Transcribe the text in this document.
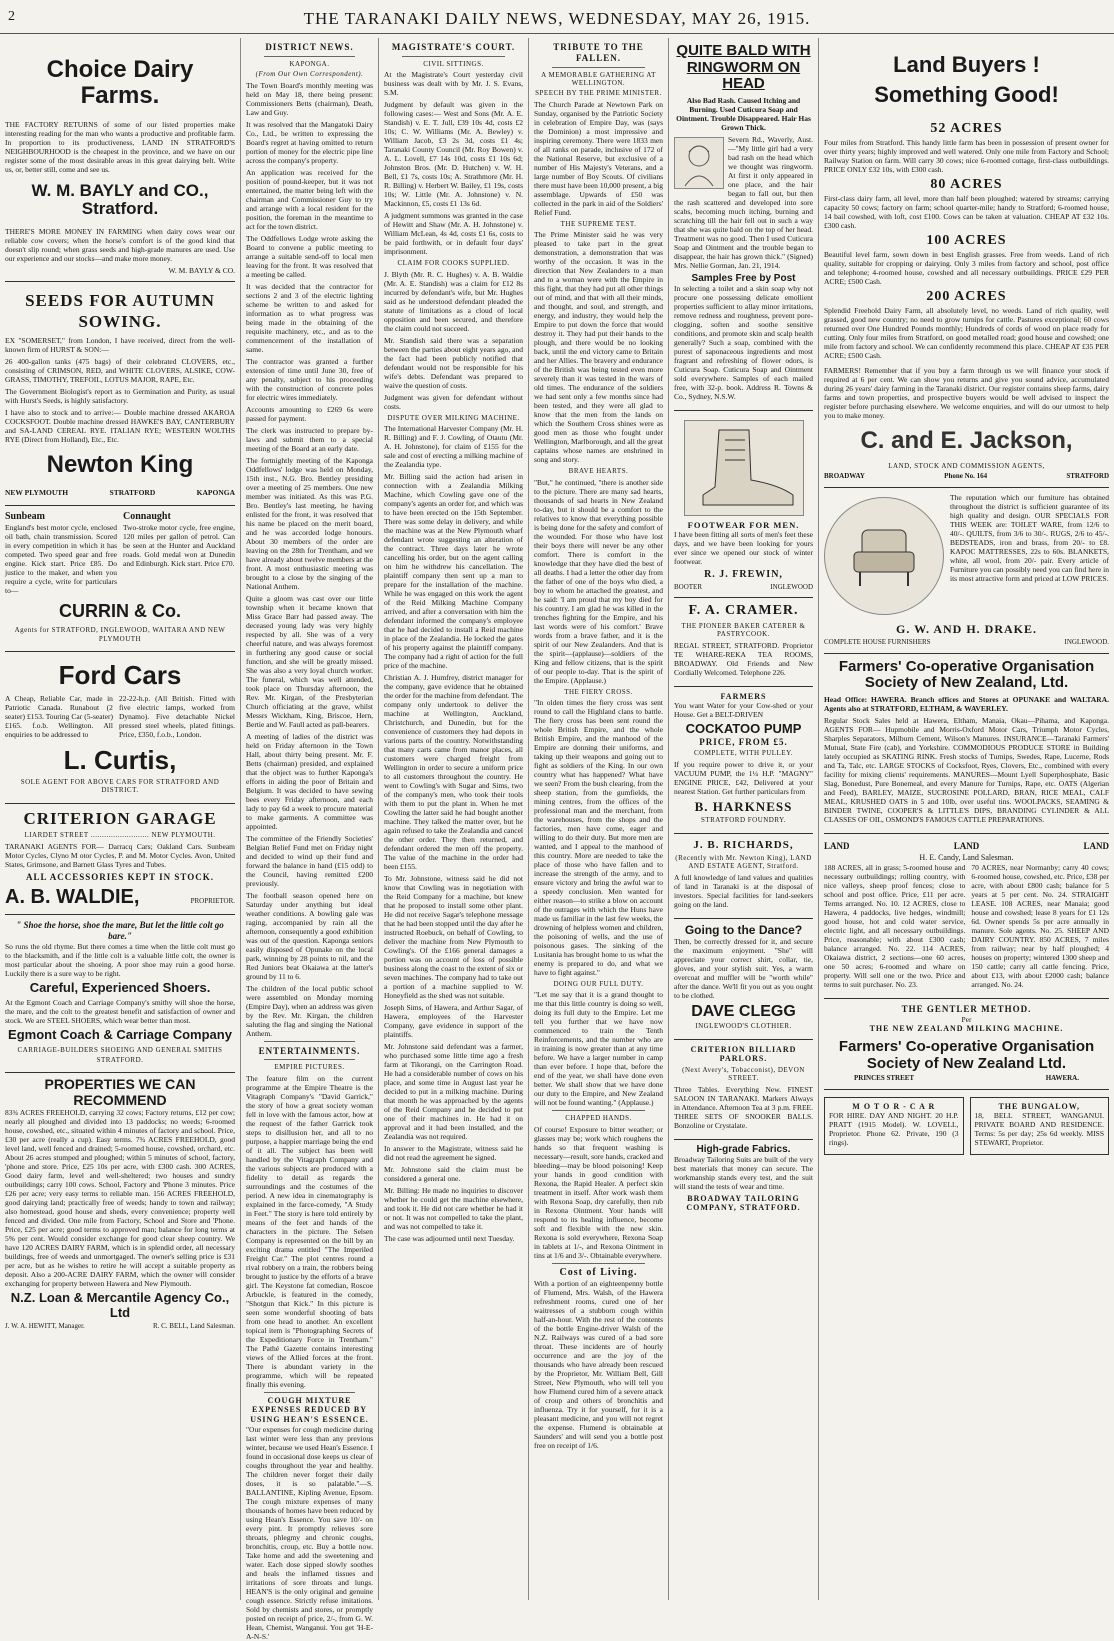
2	THE TARANAKI DAILY NEWS, WEDNESDAY, MAY 26, 1915.
Choice Dairy Farms.

THE FACTORY RETURNS of some of our listed properties make interesting reading for the man who wants a productive and profitable farm. In proportion to its productiveness, LAND IN STRATFORD'S NEIGHBOURHOOD is the cheapest in the province, and we have on our register some of the most desirable areas in this great dairying belt. Write us, or, better still, come and see us.

W. M. BAYLY and CO., Stratford.

THERE'S MORE MONEY IN FARMING when dairy cows wear our reliable cow covers; when the horse's comfort is of the good kind that doesn't slip round; when grass seeds and high-grade manures are used. Use our experience and our stocks—and make more money.

W. M. BAYLY & CO.
SEEDS FOR AUTUMN SOWING.

EX "SOMERSET," from London, I have received, direct from the well-known firm of HURST & SON:—

26 400-gallon tanks (475 bags) of their celebrated CLOVERS, etc., consisting of CRIMSON, RED, and WHITE CLOVERS, ALSIKE, COW-GRASS, TIMOTHY, TREFOIL, LOTUS MAJOR, RAPE, Etc.

The Government Biologist's report as to Germination and Purity, as usual with Hurst's Seeds, is highly satisfactory.

I have also to stock and to arrive:— Double machine dressed AKAROA COCKSFOOT. Double machine dressed HAWKE'S BAY, CANTERBURY and SA-LAND CEREAL RYE. ITALIAN RYE; WESTERN WOLTHS RYE (Direct from Holland), Etc., Etc.

Newton King
NEW PLYMOUTH	STRATFORD	KAPONGA
Sunbeam

England's best motor cycle, enclosed oil bath, chain transmission. Scored in every competition in which it has competed. Two speed gear and free engine. Kick start. Price £85. Do justice to the maker, and when you require a cycle, write for particulars to—

Connaught

Two-stroke motor cycle, free engine, 120 miles per gallon of petrol. Can be seen at the Hunter and Auckland roads. Gold medal won at Dunedin and Edinburgh. Kick start. Price £70.

CURRIN & Co.
Agents for STRATFORD, INGLEWOOD, WAITARA AND NEW PLYMOUTH
Ford Cars

A Cheap, Reliable Car, made in Patriotic Canada. Runabout (2 seater) £153. Touring Car (5-seater) £165. f.o.b. Wellington. All enquiries to be addressed to

22-22-h.p. (All British. Fitted with five electric lamps, worked from Dynamo). Five detachable Nickel pressed steel wheels, plated fittings. Price, £350, f.o.b., London.

L. Curtis,
SOLE AGENT FOR ABOVE CARS FOR STRATFORD AND DISTRICT.
CRITERION GARAGE
LIARDET STREET .......................... NEW PLYMOUTH.

TARANAKI AGENTS FOR— Darracq Cars; Oakland Cars. Sunbeam Motor Cycles, Clyno M otor Cycles, P. and M. Motor Cycles. Avon, United States, Grimsone, and Barnett Glass Tyres and Tubes.

ALL ACCESSORIES KEPT IN STOCK.
A. B. WALDIE,	PROPRIETOR.
" Shoe the horse, shoe the mare, But let the little colt go bare."

So runs the old rhyme. But there comes a time when the little colt must go to the blacksmith, and if the little colt is a valuable little colt, the owner is most particular about the shoeing. A poor shoe may ruin a good horse. Luckily there is a sure way to be right.

Careful, Experienced Shoers.

At the Egmont Coach and Carriage Company's smithy will shoe the horse, the mare, and the colt to the greatest benefit and satisfaction of owner and stock. We are STEEL SHOERS, which wear better than most.

Egmont Coach & Carriage Company
CARRIAGE-BUILDERS SHOEING AND GENERAL SMITHS
STRATFORD.
PROPERTIES WE CAN RECOMMEND

83¾ ACRES FREEHOLD, carrying 32 cows; Factory returns, £12 per cow; nearly all ploughed and divided into 13 paddocks; no weeds; 6-roomed house, cowshed, etc., situated within 4 minutes of factory and school. Price, £30 per acre (really a cup). Easy terms. 7¾ ACRES FREEHOLD, good level land, well fenced and drained; 5-roomed house, cowshed, orchard, etc. About 26 acres stumped and ploughed; within 5 minutes of school, factory, 'phone and store. Price, £25 10s per acre, with £300 cash. 300 ACRES, Good dairy farm, level and well-sheltered; two houses and sundry outbuildings; carry 100 cows. School, Factory and 'Phone 3 minutes. Price £26 per acre; very easy terms to reliable man. 156 ACRES FREEHOLD, good dairying land; practically free of weeds; handy to town and railway; also homestead, good house and sheds, every convenience; property well fenced and divided. One mile from Factory, School and Store and 'Phone. Price, £25 per acre; good terms to approved man; balance for long terms at 5% per cent. Would consider exchange for good clear sheep country. We have 120 ACRES DAIRY FARM, which is in splendid order, all necessary buildings, free of weeds and unmortgaged. The owner's selling price is £31 per acre, but as he wishes to retire he will accept a suitable property as deposit. Also a 200-ACRE DAIRY FARM, which the owner will consider exchanging for property between Hawera and New Plymouth.

N.Z. Loan & Mercantile Agency Co., Ltd
J. W. A. HEWITT, Manager.	R. C. BELL, Land Salesman.
DISTRICT NEWS.
KAPONGA.
(From Our Own Correspondent).

The Town Board's monthly meeting was held on May 18, there being present: Commissioners Betts (chairman), Death, Law and Guy.

It was resolved that the Mangatoki Dairy Co., Ltd., be written to expressing the Board's regret at having omitted to return portion of money for the electric pipe line across the company's property.

An application was received for the position of pound-keeper, but it was not entertained, the matter being left with the chairman and Commissioner Guy to try and arrange with a local resident for the position, the foreman in the meantime to act for the town district.

The Oddfellows Lodge wrote asking the Board to convene a public meeting to arrange a suitable send-off to local men leaving for the front. It was resolved that a meeting be called.

It was decided that the contractor for sections 2 and 3 of the electric lighting scheme be written to and asked for information as to what progress was being made in the obtaining of the requisite machinery, etc., and as to the commencement of the installation of same.

The contractor was granted a further extension of time until June 30, free of any penalty, subject to his proceeding with the construction of concrete poles for electric wires immediately.

Accounts amounting to £269 6s were passed for payment.

The clerk was instructed to prepare by-laws and submit them to a special meeting of the Board at an early date.

The fortnightly meeting of the Kaponga Oddfellows' lodge was held on Monday, 15th inst., N.G. Bro. Bentley presiding over a meeting of 25 members. One new member was initiated. As this was P.G. Bro. Bentley's last meeting, he having enlisted for the front, it was resolved that his name be placed on the merit board, and he was accorded lodge honours. About 30 members of the order are leaving on the 28th for Trentham, and we have already about twelve members at the front. A most enthusiastic meeting was brought to a close by the singing of the National Anthem.

Quite a gloom was cast over our little township when it became known that Miss Grace Barr had passed away. The deceased young lady was very highly respected by all. She was of a very cheerful nature, and was always foremost in furthering any good cause or social function, and she will be greatly missed. She was also a very loyal church worker. The funeral, which was well attended, took place on Thursday afternoon, the Rev. Mr. Kirgan, of the Presbyterian Church officiating at the grave, whilst Messrs Wickham, King, Briscoe, Hern, Bertie and W. Faull acted as pall-bearers.

A meeting of ladies of the district was held on Friday afternoon in the Town Hall, about thirty being present. Mr. F. Betts (chairman) presided, and explained that the object was to further Kaponga's efforts in aiding the poor of Britain and Belgium. It was decided to have sewing bees every Friday afternoon, and each lady to pay 6d a week to procure material to make garments. A committee was appointed.

The committee of the Friendly Societies' Belgian Relief Fund met on Friday night and decided to wind up their fund and forward the balance in hand (£15 odd) to the Council, having remitted £200 previously.

The football season opened here on Saturday under anything but ideal weather conditions. A bowling gale was raging, accompanied by rain all the afternoon, consequently a good exhibition was out of the question. Kaponga seniors easily disposed of Opunake on the local park, winning by 28 points to nil, and the Red Juniors beat Okaiawa at the latter's ground by 11 to 6.

The children of the local public school were assembled on Monday morning (Empire Day), when an address was given by the Rev. Mr. Kirgan, the children saluting the flag and singing the National Anthem.

ENTERTAINMENTS.
EMPIRE PICTURES.

The feature film on the current programme at the Empire Theatre is the Vitagraph Company's "David Garrick," the story of how a great society woman fell in love with the famous actor, how at the request of the father Garrick took steps to disillusion her, and all to no purpose, a happier marriage being the end of it all. The subject has been well handled by the Vitagraph Company and the various subjects are produced with a fidelity to detail as regards the surroundings and the costumes of the period. A new idea in cinematography is explained in the farce-comedy, "A Study in Feet." The story is here told entirely by means of the feet and hands of the characters in the picture. The Selsen Company is represented on the bill by an exciting drama entitled "The Imperiled Freight Car." The plot centres round a rival robbery on a train, the robbers being brought to justice by the efforts of a brave girl. The Keystone fat comedian, Roscoe Arbuckle, is featured in the comedy, "Shotgun that Kick." In this picture is seen some wonderful shooting of bats from one head to another. An excellent topical item is "Photographing Secrets of the Expeditionary Force in Trentham." The Pathé Gazette contains interesting views of the Allied forces at the front. There is abundant variety in the programme, which will be repeated finally this evening.

COUGH MIXTURE EXPENSES REDUCED BY USING HEAN'S ESSENCE.

"Our expenses for cough medicine during last winter were less than any previous winter, because we used Hean's Essence. I found in occasional dose keeps us clear of coughs throughout the year and healthy. The children never forget their daily doses, it is so palatable."—S. BALLANTINE, Kipling Avenue, Epsom. The cough mixture expenses of many thousands of homes have been reduced by using Hean's Essence. You save 10/- on every pint. It promptly relieves sore throats, phlegmy and chronic coughs, bronchitis, croup, etc. Buy a bottle now. Take home and add the sweetening and water. Each dose sipped slowly soothes and heals the inflamed tissues and irritations of sore throats and lungs. HEAN'S is the only original and genuine cough essence. Strictly refuse imitations. Sold by chemists and stores, or promptly posted on receipt of price, 2/-, from G. W. Hean, Chemist, Wanganui. You get 'H-E-A-N-S.'

MAGISTRATE'S COURT.
CIVIL SITTINGS.

At the Magistrate's Court yesterday civil business was dealt with by Mr. J. S. Evans, S.M.

Judgment by default was given in the following cases:— West and Sons (Mr. A. E. Standish) v. E. T. Jull, £39 10s 4d, costs £2 10s; C. W. Williams (Mr. A. Bewley) v. William Jacob, £3 2s 3d, costs £1 4s; Taranaki County Council (Mr. Roy Bowen) v. A. L. Lovell, £7 14s 10d, costs £1 10s 6d; Johnston Bros. (Mr. D. Hutchen) v. W. H. Bell, £1 7s, costs 10s; A. Strathmore (Mr. H. R. Billing) v. Herbert W. Bailey, £1 19s, costs 10s; W. Little (Mr. A. Johnstone) v. N. Mackinnon, £5, costs £1 13s 6d.

A judgment summons was granted in the case of Hewitt and Shaw (Mr. A. H. Johnstone) v. William McLean, 4s 4d, costs £1 6s, costs to be paid forthwith, or in default four days' imprisonment.

CLAIM FOR COOKS SUPPLIED.

J. Blyth (Mr. R. C. Hughes) v. A. B. Waldie (Mr. A. E. Standish) was a claim for £12 8s incurred by defendant's wife, but Mr. Hughes said as he understood defendant pleaded the statute of limitations as a cloud of local opposition and been secured, and therefore the claim could not succeed.

Mr. Standish said there was a separation between the parties about eight years ago, and the fact had been publicly notified that defendant would not be responsible for his wife's debts. Defendant was prepared to waive the question of costs.

Judgment was given for defendant without costs.

DISPUTE OVER MILKING MACHINE.

The International Harvester Company (Mr. H. R. Billing) and F. J. Cowling, of Otautu (Mr. A. H. Johnstone), for claim of £155 for the sale and cost of erecting a milking machine of the Zealandia type.

Mr. Billing said the action had arisen in connection with a Zealandia Milking Machine, which Cowling gave one of the company's agents an order for, and which was to have been erected on the 15th September. There was some delay in delivery, and while the machine was at the New Plymouth wharf defendant wrote suggesting an alteration of the contract. Three days later he wrote cancelling his order, but on the agent calling on him he withdrew his cancellation. The plaintiff company then sent up a man to prepare for the installation of the machine. While he was engaged on this work the agent of the Reid Milking Machine Company arrived, and after a conversation with him the defendant informed the company's employee that he had decided to install a Reid machine in place of the Zealandia. He locked the gates of his property against the plaintiff company. The company had a right of action for the full price of the machine.

Christian A. J. Humfrey, district manager for the company, gave evidence that he obtained the order for the machine from defendant. The company only undertook to deliver the machine at Wellington, Auckland, Christchurch, and Dunedin, but for the convenience of customers they had depots in various parts of the country. Notwithstanding that many carts came from manor places, all customers were charged freight from Wellington in order to secure a uniform price to all customers throughout the country. He went to Cowling's with Sugar and Sims, two of the company's men, who took their tools with them to put the plant in. When he met Cowling the latter said he had bought another machine. They talked the matter over, but he again refused to take the Zealandia and cancel the other order. They then returned, and defendant ordered the men off the property. The value of the machine in the order had been £155.

To Mr. Johnstone, witness said he did not know that Cowling was in negotiation with the Reid Company for a machine, but knew that he proposed to install some other plant. He did not receive Sagar's telephone message that he had been stopped until the day after he instructed Roebuck, on behalf of Cowling, to deliver the machine from New Plymouth to Cowling's. Of the £166 general damages a portion was on account of loss of possible business along the coast to the extent of six or seven machines. The company had to take out a portion of a machine supplied to W. Honeyfield as the shed was not suitable.

Joseph Sims, of Hawera, and Arthur Sagar, of Hawera, employees of the Harvester Company, gave evidence in support of the plaintiffs.

Mr. Johnstone said defendant was a farmer, who purchased some little time ago a fresh farm at Tikorangi, on the Carrington Road. He had a considerable number of cows on his place, and some time in August last year he decided to put in a milking machine. During that month he was approached by the agents of the Reid Company and he decided to put one of their machines in. He had it on approval and it had been installed, and the Zealandia was not required.

In answer to the Magistrate, witness said he did not read the agreement he signed.

Mr. Johnstone said the claim must be considered a general one.

Mr. Billing: He made no inquiries to discover whether he could get the machine elsewhere, and took it. He did not care whether he had it or not. It was not compelled to take the plant, and was not compelled to take it.

The case was adjourned until next Tuesday.

TRIBUTE TO THE FALLEN.
A MEMORABLE GATHERING AT WELLINGTON.
SPEECH BY THE PRIME MINISTER.

The Church Parade at Newtown Park on Sunday, organised by the Patriotic Society in celebration of Empire Day, was (says the Dominion) a most impressive and inspiring ceremony. There were 1833 men of all ranks on parade, inclusive of 172 of the National Reserve, but exclusive of a number of His Majesty's Veterans, and a large number of Boy Scouts. Of civilians there must have been 10,000 present, a big assemblage. Upwards of £50 was collected in the park in aid of the Soldiers' Relief Fund.

THE SUPREME TEST.

The Prime Minister said he was very pleased to take part in the great demonstration, a demonstration that was worthy of the occasion. It was in the direction that New Zealanders to a man and to a woman were with the Empire in this fight, that they had put all other things out of mind, and that with all their minds, and thought, and soul, and strength, and energy, and industry, they would help the Empire to put down the force that would destroy it. They had put their hands to the plough, and there would be no looking back, until the end victory came to Britain and her Allies. The bravery and endurance of the British was being tested even more severely than it was tested in the wars of old times. The endurance of the soldiers we had sent only a few months since had been tested, and they were all glad to know that the men from the lands on which the Southern Cross shines were as good men as those who fought under Wellington, Marlborough, and all the great captains whose names are enshrined in song and story.

BRAVE HEARTS.

"But," he continued, "there is another side to the picture. There are many sad hearts, thousands of sad hearts in New Zealand to-day, but it should be a comfort to the relatives to know that everything possible is being done for the safety and comfort of the wounded. For those who have lost their boys there will never be any other comfort. There is comfort in the knowledge that they have died the best of all deaths. I had a letter the other day from the father of one of the boys who died, a boy to whom he attached the greatest, and he said: 'I am proud that my boy died for his country. I am glad he was killed in the trenches fighting for the Empire, and his last words were of his comfort.' Brave words from a brave father, and it is the spirit of our New Zealanders. And that is the spirit—(applause)—soldiers of the King and fellow citizens, that is the spirit of our people to-day. That is the spirit of the Empire. (Applause.)

THE FIERY CROSS.

"In olden times the fiery cross was sent round to call the Highland clans to battle. The fiery cross has been sent round the whole British Empire, and the whole British Empire, and the manhood of the Empire are donning their uniforms, and taking up their weapons and going out to fight as soldiers of the King. In our own country what has happened? What have we seen? From the bush clearing, from the sheep station, from the gumfields, the mining centres, from the offices of the professional man and the merchant, from the warehouses, from the shops and the factories, men have come, eager and willing to do their duty. But more men are wanted, and I appeal to the manhood of this country. More are needed to take the place of those who have fallen and to increase the strength of the army, and to ensure victory and bring the awful war to a speedy conclusion. Men wanted for either reason—to strike a blow on account of the outrages with which the Huns have made us familiar in the last few weeks, the drowning of helpless women and children, the poisoning of wells, and the use of poisonous gases. The sinking of the Lusitania has brought home to us what the enemy is prepared to do, and what we have to fight against."

DOING OUR FULL DUTY.

"Let me say that it is a grand thought to me that this little country is doing so well, doing its full duty to the Empire. Let me tell you further that we have now commenced to train the Tenth Reinforcements, and the number who are in training is now greater than at any time before. We have a larger number in camp than ever before. I hope that, before the end of the year, we shall have done even better. We shall show that we have done our duty to the Empire, and New Zealand will not be found wanting." (Applause.)

CHAPPED HANDS.

Of course! Exposure to bitter weather; or glasses may be; work which roughens the hands so that frequent washing is necessary—result, sore hands, cracked and bleeding—may be blood poisoning! Keep your hands in good condition with Rexona, the Rapid Healer. A perfect skin treatment in itself. After work wash them with Rexona Soap, dry carefully, then rub in Rexona Ointment. Your hands will respond to its healing influence, become soft and flexible with the new skin. Rexona is sold everywhere, Rexona Soap in tablets at 1/-, and Rexona Ointment in tins at 1/6 and 3/-. Obtainable everywhere.

Cost of Living.

With a portion of an eighteenpenny bottle of Flumend, Mrs. Walsh, of the Hawera refreshment rooms, cured one of her waitresses of a stubborn cough within half-an-hour. With the rest of the contents of the bottle Engine-driver Walsh of the N.Z. Railways was cured of a bad sore throat. These incidents are of hourly occurrence and are the joy of the thousands who have already been rescued by the Proprietor, Mr. William Bell, Gill Street, New Plymouth, who will tell you how Flumend cured him of a severe attack of croup and others of bronchitis and influenza. Try it for yourself, for it is a pleasant medicine, and you will not regret the expense. Flumend is obtainable at Saunders' and will send you a bottle post free on receipt of 1/6.

QUITE BALD WITH RINGWORM ON HEAD
Also Bad Rash. Caused Itching and Burning. Used Cuticura Soap and Ointment. Trouble Disappeared. Hair Has Grown Thick.

Severn Rd., Waverly, Aust.—"My little girl had a very bad rash on the head which we thought was ringworm. At first it only appeared in one place, and the hair began to fall out, but then the rash scattered and developed into sore scabs, becoming much itching, burning and scratching till the hair fell out in such a way that she was quite bald on the top of her head. Treatment was no good. Then I used Cuticura Soap and Ointment and the trouble began to disappear, the hair has grown thick." (Signed) Mrs. Nellie Gorman, Jan. 21, 1914.

Samples Free by Post

In selecting a toilet and a skin soap why not procure one possessing delicate emollient properties sufficient to allay minor irritations, remove redness and roughness, prevent pore-clogging, soften and soothe sensitive conditions, and promote skin and scalp health generally? Such a soap, combined with the purest of saponaceous ingredients and most fragrant and refreshing of flower odors, is Cuticura Soap. Cuticura Soap and Ointment sold everywhere. Samples of each mailed free, with 32-p. book. Address R. Towns & Co., Sydney, N.S.W.

FOOTWEAR FOR MEN.

I have been fitting all sorts of men's feet these days, and we have been looking for yours ever since we opened our stock of winter footwear.

R. J. FREWIN,
BOOTER	INGLEWOOD
F. A. CRAMER.
THE PIONEER BAKER CATERER & PASTRYCOOK.

REGAL STREET, STRATFORD. Proprietor TE WHARE-REKA TEA ROOMS, BROADWAY. Old Friends and New Cordially Welcomed. Telephone 226.

FARMERS

You want Water for your Cow-shed or your House. Get a BELT-DRIVEN

COCKATOO PUMP
PRICE, FROM £5.
COMPLETE, WITH PULLEY.

If you require power to drive it, or your VACUUM PUMP, the 1¼ H.P. "MAGNY" ENGINE PRICE, £42, Delivered at your nearest Station. Get further particulars from

B. HARKNESS
STRATFORD FOUNDRY.
J. B. RICHARDS,
(Recently with Mr. Newton King), LAND AND ESTATE AGENT, Stratford.

A full knowledge of land values and qualities of land in Taranaki is at the disposal of investors. Special facilities for land-seekers going on the land.

Going to the Dance?

Then, be correctly dressed for it, and secure the maximum enjoyment. "She" will appreciate your correct shirt, collar, tie, gloves, and your stylish suit. Yes, a warm overcoat and muffler will be "worth while" after the dance. We'll fit you out as you ought to be clothed.

DAVE CLEGG
INGLEWOOD'S CLOTHIER.
CRITERION BILLIARD PARLORS.
(Next Avery's, Tobacconist), DEVON STREET.

Three Tables. Everything New. FINEST SALOON IN TARANAKI. Markers Always in Attendance. Afternoon Tea at 3 p.m. FREE. THREE SETS OF SNOOKER BALLS. Bonzoline or Crystalate.

High-grade Fabrics.

Broadway Tailoring Suits are built of the very best materials that money can secure. The workmanship stands every test, and the suit will stand the tests of wear and time.

BROADWAY TAILORING COMPANY, STRATFORD.
Land Buyers !
Something Good!
52 ACRES

Four miles from Stratford. This handy little farm has been in possession of present owner for over thirty years; highly improved and well watered. Only one mile from Factory and School; Railway Station on farm. Will carry 30 cows; nice 6-roomed cottage, first-class outbuildings. PRICE ONLY £32 10s, with £300 cash.

80 ACRES

First-class dairy farm, all level, more than half been ploughed; watered by streams; carrying capacity 50 cows; factory on farm; school quarter-mile; handy to Stratford; 6-roomed house, 14 bail cowshed, with loft, cost £100. Cows can be taken at valuation. CHEAP AT £32 10s. £300 cash.

100 ACRES

Beautiful level farm, sown down in best English grasses. Free from weeds. Land of rich quality, suitable for cropping or dairying. Only 3 miles from factory and school, post office and telephone; 4-roomed house, cowshed and all necessary outbuildings. PRICE £29 PER ACRE; £500 Cash.

200 ACRES

Splendid Freehold Dairy Farm, all absolutely level, no weeds. Land of rich quality, well grassed, good new country; no need to grow turnips for cattle. Pastures exceptional; 60 cows returned over One Hundred Pounds monthly; Hundreds of cords of wood on place ready for cutting. Only four miles from Stratford, on good metalled road; good house and cowshed; one mile from factory and school. We can confidently recommend this place. CHEAP AT £35 PER ACRE; £500 Cash.

FARMERS! Remember that if you buy a farm through us we will finance your stock if required at 6 per cent. We can show you returns and give you sound advice, accumulated during 26 years' dairy farming in the Taranaki district. Our register contains sheep farms, dairy farms and town properties, and prospective buyers would be well advised to inspect the register before purchasing elsewhere. We welcome enquiries, and will do our utmost to help you to make money.

C. and E. Jackson,
LAND, STOCK AND COMMISSION AGENTS,
BROADWAY	Phone No. 164	STRATFORD

The reputation which our furniture has obtained throughout the district is sufficient guarantee of its high quality and design. OUR SPECIALS FOR THIS WEEK are: TOILET WARE, from 12/6 to 40/-. QUILTS, from 3/6 to 30/-. RUGS, 2/6 to 45/-. BEDSTEADS, iron and brass, from 20/- to £8. KAPOC MATTRESSES, 22s to 60s. BLANKETS, white, all wool, from 20/- pair. Every article of Furniture you can possibly need you can find here in its most attractive form and priced at LOW PRICES.

G. W. AND H. DRAKE.
COMPLETE HOUSE FURNISHERS	INGLEWOOD.
Farmers' Co-operative Organisation
Society of New Zealand, Ltd.

Head Office: HAWERA. Branch offices and Stores at OPUNAKE and WALTARA. Agents also at STRATFORD, ELTHAM, & WAVERLEY.

Regular Stock Sales held at Hawera, Eltham, Manaia, Okau—Pihama, and Kaponga. AGENTS FOR— Hupmobile and Morris-Oxford Motor Cars, Triumph Motor Cycles, Sharples Separators, Milburn Cement, Wilson's Manures. INSURANCE—Taranaki Farmers' Mutual, State Fire (cab), and Yorkshire. COMMODIOUS PRODUCE STORE in Building lately occupied as SKATING RINK. Fresh stocks of Turnips, Swedes, Rape, Lucerne, Rods and Ta, Talc, etc. LARGE STOCKS of Cocksfoot, Ryes, Clovers, Etc., combined with every facility for mixing clients' requirements. MANURES—Mount Lyell Superphosphate, Basic Slag, Bonedust, Pure Bonemeal, and every Manure for Turnips, Rape, etc. OATS (Algerian and Feed), BARLEY, MAIZE, SUCROSINE POLLARD, BRAN, RICE MEAL, CALF MEAL, KRUSHED OATS in 5 and 10lb, over useful tins. WOOLPACKS, SEAMING & BINDER TWINE, COOPER'S & LITTLE'S DIPS, BRANDING CYLINDER & ALL CLASSES OF OIL, OSMOND'S FAMOUS CATTLE PREPARATIONS.

LAND	LAND	LAND
H. E. Candy, Land Salesman.

188 ACRES, all in grass; 5-roomed house and necessary outbuildings; rolling country, with nice valleys, sheep proof fences; close to school and post office. Price, £11 per acre. Terms arranged. No. 10. 12 ACRES, close to Hawera, 4 paddocks, live hedges, windmill; good house, hot and cold water service, electric light, and all necessary outbuildings. Price, reasonable; with about £300 cash; balance arranged. No. 22. 114 ACRES, Okaiawa district, 2 sections—one 60 acres, one 50 acres; 6-roomed and whare on property. Will sell one or the two. Price and terms to suit purchaser. No. 23.

70 ACRES, near Normanby; carry 40 cows; 6-roomed house, cowshed, etc. Price, £38 per acre, with about £800 cash; balance for 5 years at 5 per cent. No. 24. STRAIGHT LEASE. 108 ACRES, near Manaia; good house and cowshed; lease 8 years for £1 12s 6d. Owner spends 5s per acre annually in manure. Sole agents. No. 25. SHEEP AND DAIRY COUNTRY. 850 ACRES, 7 miles from railway; near by half ploughed; 4 houses on property; wintered 1300 sheep and 150 cattle; carry all cattle fencing. Price, about £13, with about £2000 cash; balance arranged. No. 24.

THE GENTLER METHOD.
Per
THE NEW ZEALAND MILKING MACHINE.
Farmers' Co-operative Organisation
Society of New Zealand Ltd.
PRINCES STREET	HAWERA.
M O T O R - C A R

FOR HIRE. DAY AND NIGHT. 20 H.P. PRATT (1915 Model). W. LOVELL, Proprietor. Phone 62. Private, 190 (3 rings).

THE BUNGALOW,

18, BELL STREET, WANGANUI. PRIVATE BOARD AND RESIDENCE. Terms: 5s per day; 25s 6d weekly. MISS STEWART, Proprietor.
